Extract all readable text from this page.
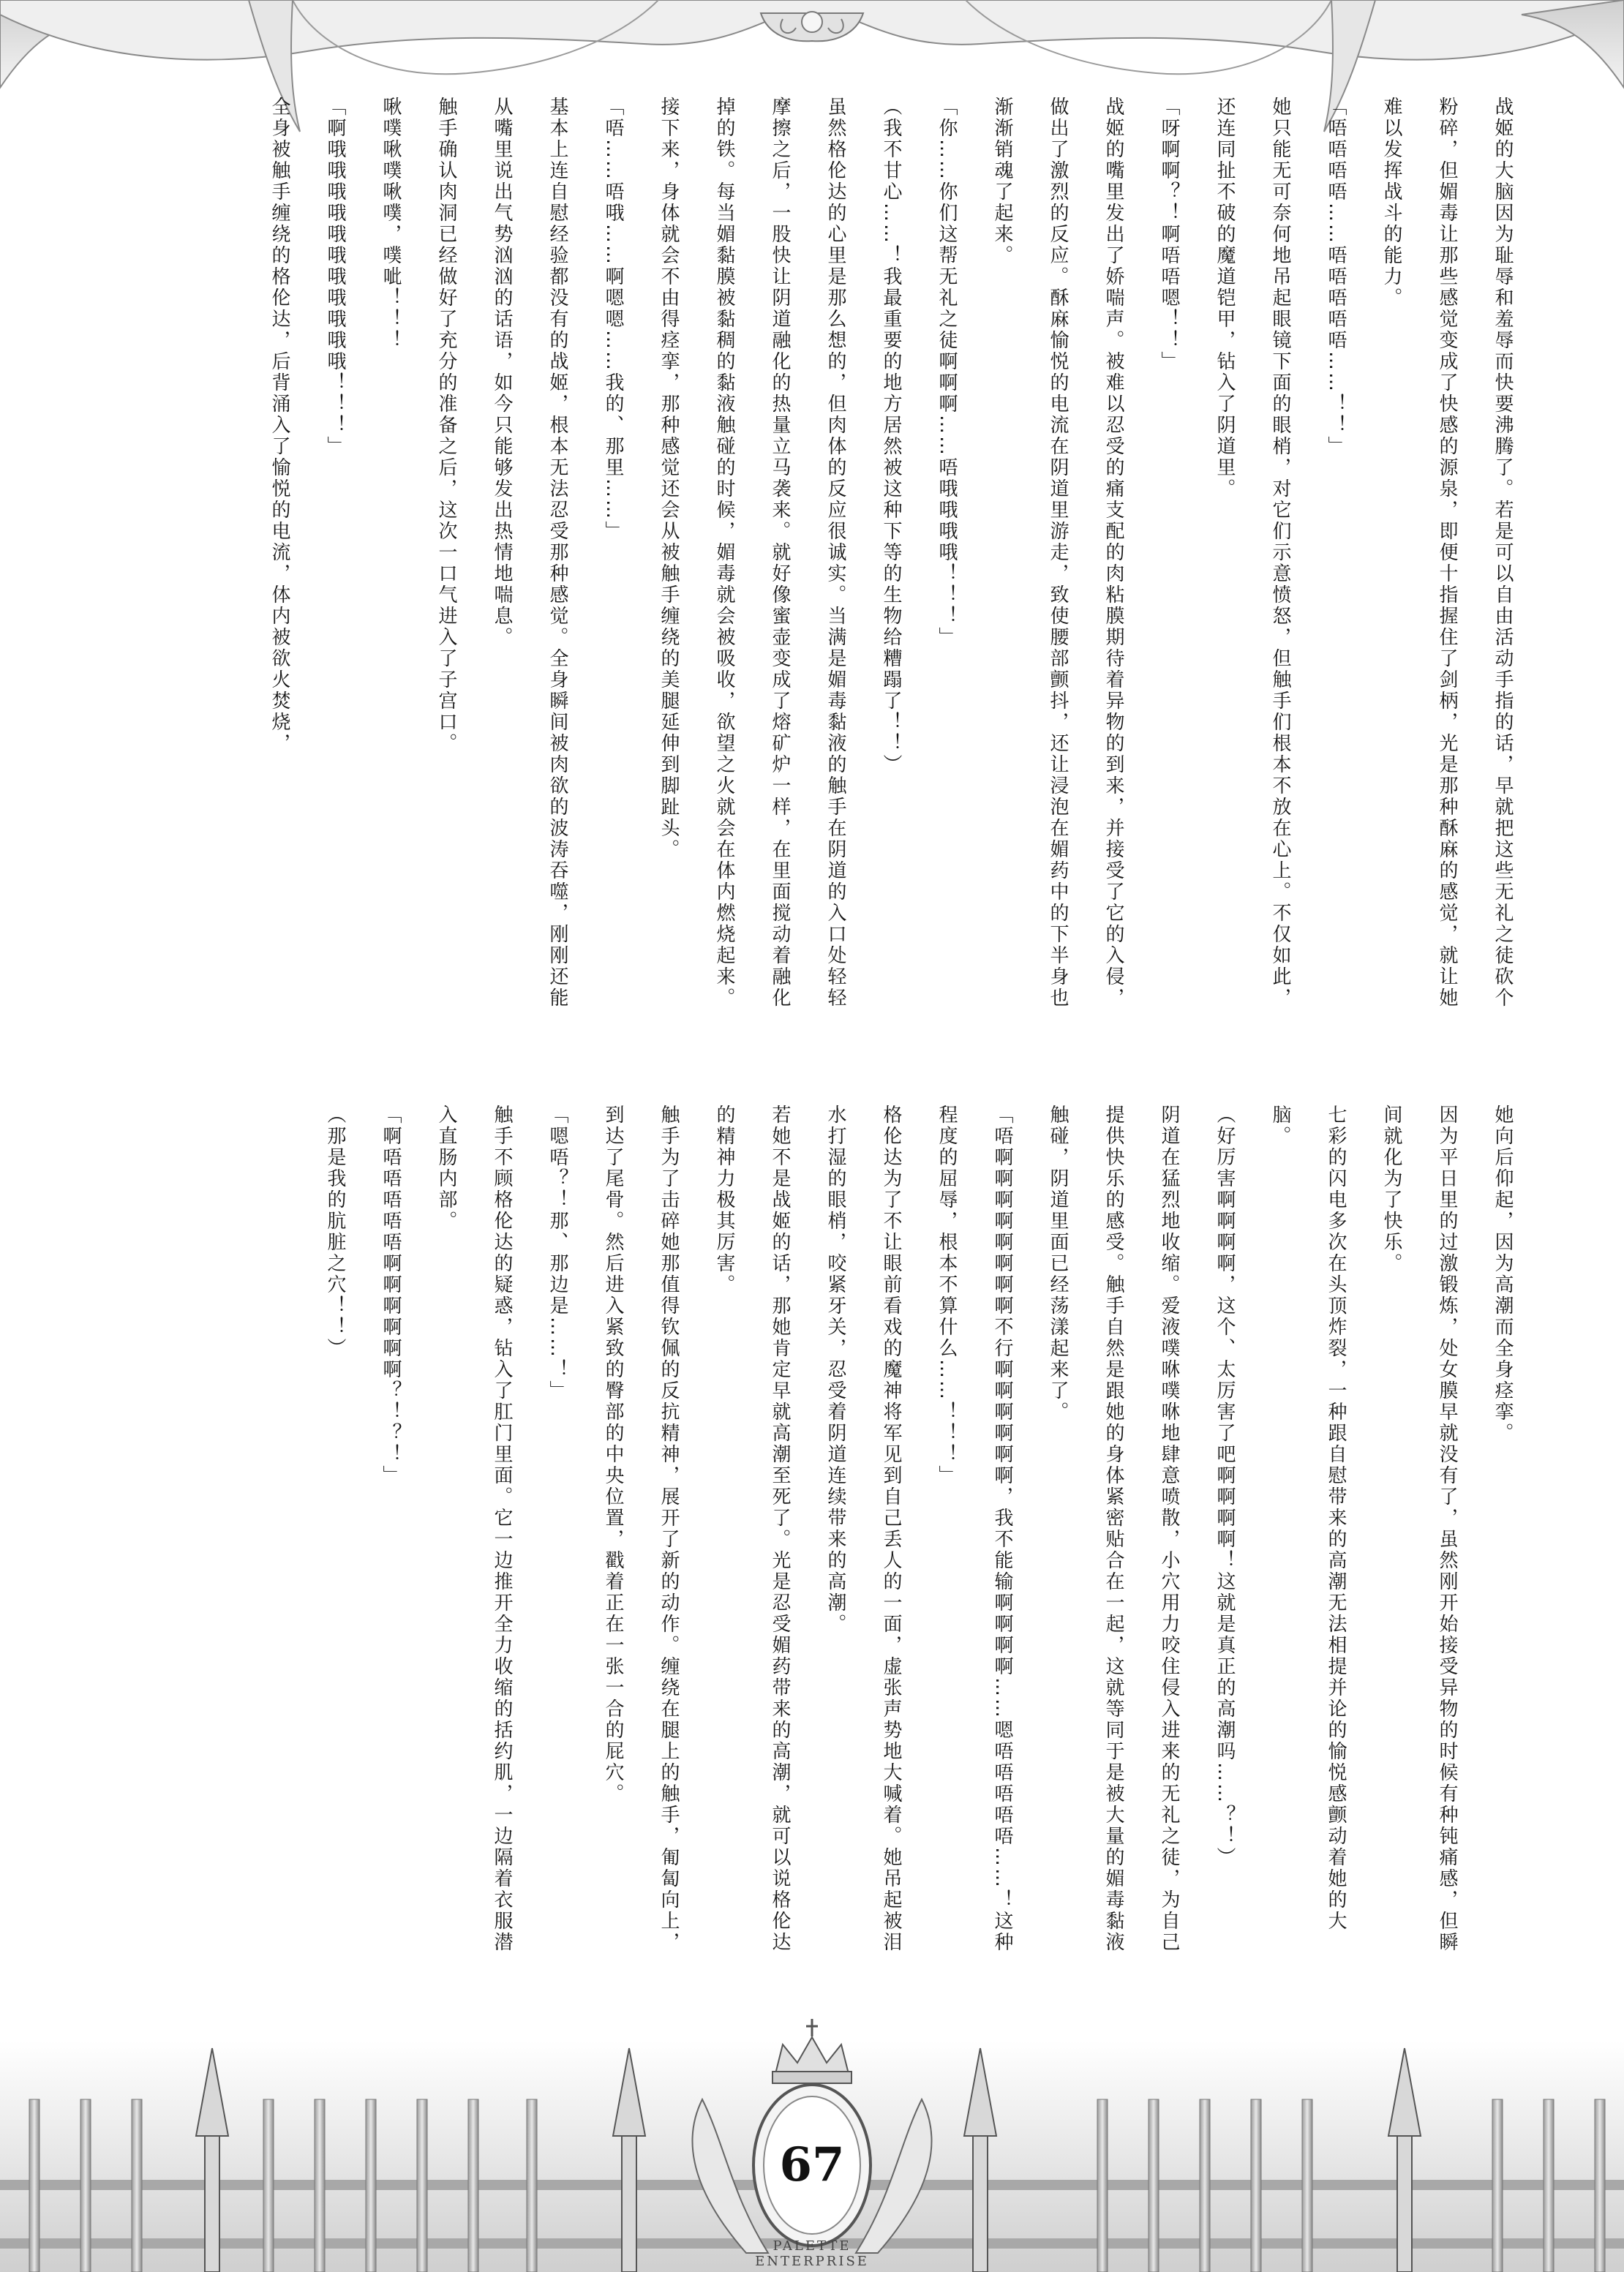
战姬的大脑因为耻辱和羞辱而快要沸腾了。若是可以自由活动手指的话，早就把这些无礼之徒砍个粉碎，但媚毒让那些感觉变成了快感的源泉，即便十指握住了剑柄，光是那种酥麻的感觉，就让她难以发挥战斗的能力。
「唔唔唔唔……唔唔唔唔唔……！！」
她只能无可奈何地吊起眼镜下面的眼梢，对它们示意愤怒，但触手们根本不放在心上。不仅如此，还连同扯不破的魔道铠甲，钻入了阴道里。
「呀啊啊？！啊唔唔嗯！！」
战姬的嘴里发出了娇喘声。被难以忍受的痛支配的肉粘膜期待着异物的到来，并接受了它的入侵，做出了激烈的反应。酥麻愉悦的电流在阴道里游走，致使腰部颤抖，还让浸泡在媚药中的下半身也渐渐销魂了起来。
「你……你们这帮无礼之徒啊啊啊……唔哦哦哦哦！！！」
（我不甘心……！我最重要的地方居然被这种下等的生物给糟蹋了！！）
虽然格伦达的心里是那么想的，但肉体的反应很诚实。当满是媚毒黏液的触手在阴道的入口处轻轻摩擦之后，一股快让阴道融化的热量立马袭来。就好像蜜壶变成了熔矿炉一样，在里面搅动着融化掉的铁。每当媚黏膜被黏稠的黏液触碰的时候，媚毒就会被吸收，欲望之火就会在体内燃烧起来。接下来，身体就会不由得痉挛，那种感觉还会从被触手缠绕的美腿延伸到脚趾头。
「唔……唔哦……啊嗯嗯……我的、那里……」
基本上连自慰经验都没有的战姬，根本无法忍受那种感觉。全身瞬间被肉欲的波涛吞噬，刚刚还能从嘴里说出气势汹汹的话语，如今只能够发出热情地喘息。
触手确认肉洞已经做好了充分的准备之后，这次一口气进入了子宫口。
啾噗啾噗啾噗，噗呲！！！
「啊哦哦哦哦哦哦哦哦哦哦哦！！！」
全身被触手缠绕的格伦达，后背涌入了愉悦的电流，体内被欲火焚烧，
她向后仰起，因为高潮而全身痉挛。
因为平日里的过激锻炼，处女膜早就没有了，虽然刚开始接受异物的时候有种钝痛感，但瞬间就化为了快乐。
七彩的闪电多次在头顶炸裂，一种跟自慰带来的高潮无法相提并论的愉悦感颤动着她的大脑。
（好厉害啊啊啊啊，这个、太厉害了吧啊啊啊啊！这就是真正的高潮吗……？！）
阴道在猛烈地收缩。爱液噗咻噗咻地肆意喷散，小穴用力咬住侵入进来的无礼之徒，为自己提供快乐的感受。触手自然是跟她的身体紧密贴合在一起，这就等同于是被大量的媚毒黏液触碰，阴道里面已经荡漾起来了。
「唔啊啊啊啊啊啊啊啊不行啊啊啊啊啊啊，我不能输啊啊啊啊……嗯唔唔唔唔唔……！这种程度的屈辱，根本不算什么……！！！」
格伦达为了不让眼前看戏的魔神将军见到自己丢人的一面，虚张声势地大喊着。她吊起被泪水打湿的眼梢，咬紧牙关，忍受着阴道连续带来的高潮。
若她不是战姬的话，那她肯定早就高潮至死了。光是忍受媚药带来的高潮，就可以说格伦达的精神力极其厉害。
触手为了击碎她那值得钦佩的反抗精神，展开了新的动作。缠绕在腿上的触手，匍匐向上，到达了尾骨。然后进入紧致的臀部的中央位置，戳着正在一张一合的屁穴。
「嗯唔？！那、那边是……！」
触手不顾格伦达的疑惑，钻入了肛门里面。它一边推开全力收缩的括约肌，一边隔着衣服潜入直肠内部。
「啊唔唔唔唔唔啊啊啊啊啊啊？！？！」
（那是我的肮脏之穴！！）
67
PALETTE ENTERPRISE
